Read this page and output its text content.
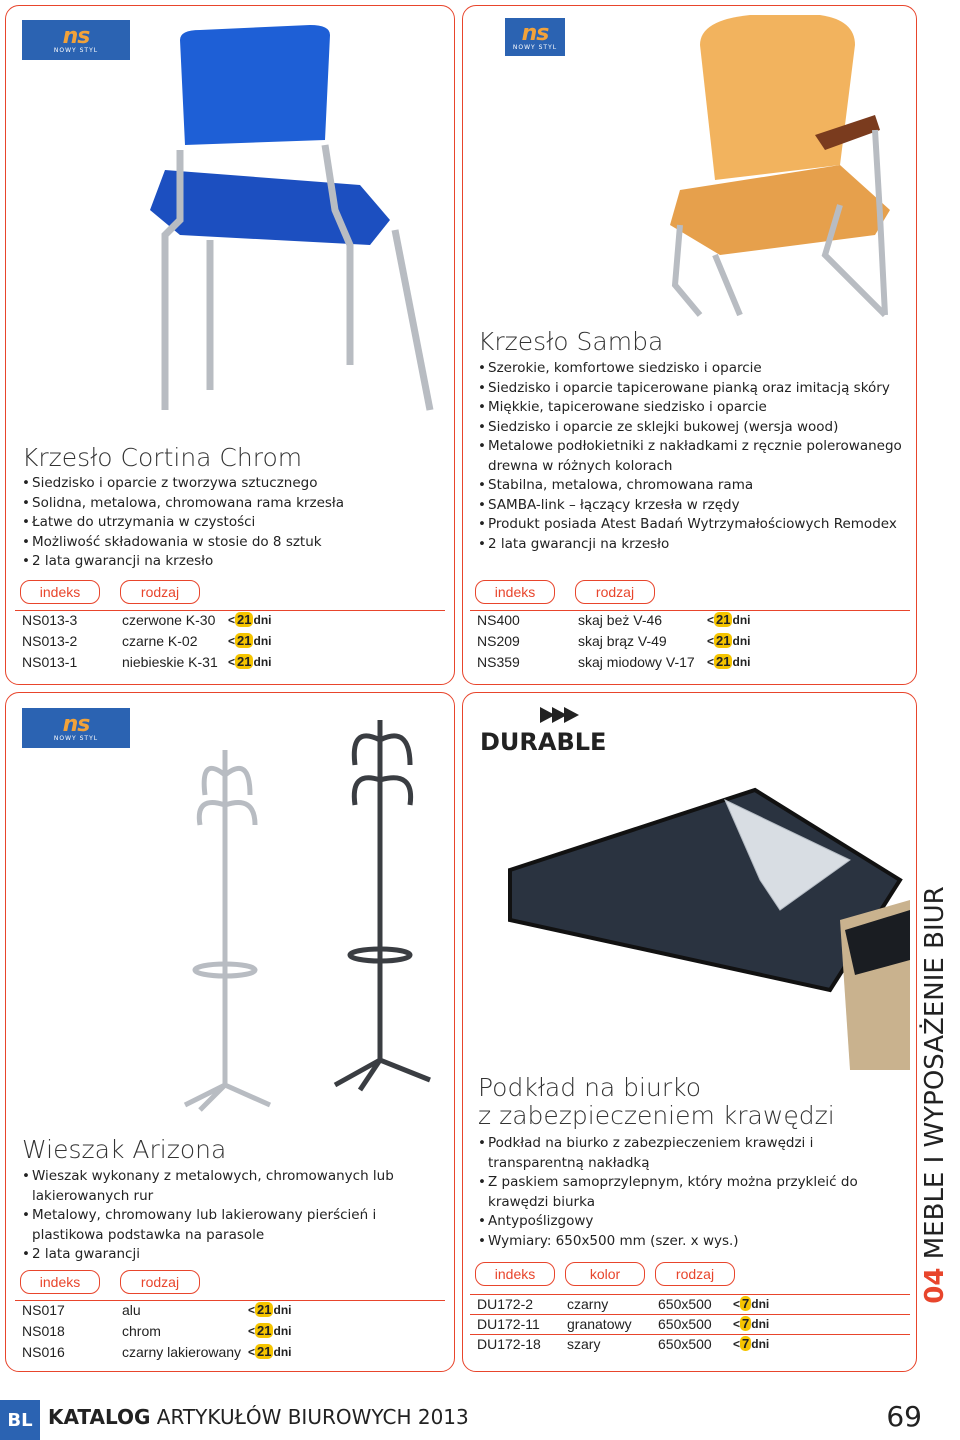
ns
NOWY STYL
Krzesło Cortina Chrom
• Siedzisko i oparcie z tworzywa sztucznego
• Solidna, metalowa, chromowana rama krzesła
• Łatwe do utrzymania w czystości
• Możliwość składowania w stosie do 8 sztuk
• 2 lata gwarancji na krzesło
indeks	rodzaj
NS013-3	czerwone K-30 < 21 dni
NS013-2	czarne K-02	< 21 dni
NS013-1	niebieskie K-31 < 21 dni
ns
NOWY STYL
Krzesło Samba
• Szerokie, komfortowe siedzisko i oparcie
• Siedzisko i oparcie tapicerowane pianką oraz imitacją skóry
• Miękkie, tapicerowane siedzisko i oparcie
• Siedzisko i oparcie ze sklejki bukowej (wersja wood)
• Metalowe podłokietniki z nakładkami z ręcznie polerowanego drewna w różnych kolorach
• Stabilna, metalowa, chromowana rama
• SAMBA-link – łączący krzesła w rzędy
• Produkt posiada Atest Badań Wytrzymałościowych Remodex
• 2 lata gwarancji na krzesło
indeks	rodzaj
NS400	skaj beż V-46	< 21 dni
NS209	skaj brąz V-49	< 21 dni
NS359	skaj miodowy V-17 < 21 dni
ns
NOWY STYL
Wieszak Arizona
• Wieszak wykonany z metalowych, chromowanych lub lakierowanych rur
• Metalowy, chromowany lub lakierowany pierścień i plastikowa podstawka na parasole
• 2 lata gwarancji
indeks	rodzaj
NS017	alu	< 21 dni
NS018	chrom	< 21 dni
NS016	czarny lakierowany < 21 dni
DURABLE
Podkład na biurko
z zabezpieczeniem krawędzi
• Podkład na biurko z zabezpieczeniem krawędzi i transparentną nakładką
• Z paskiem samoprzylepnym, który można przykleić do krawędzi biurka
• Antypoślizgowy
• Wymiary: 650x500 mm (szer. x wys.)
indeks	kolor	rodzaj
DU172-2 czarny	650x500 < 7 dni
DU172-11 granatowy 650x500 < 7 dni
DU172-18 szary	650x500 < 7 dni
04 MEBLE I WYPOSAŻENIE BIUR
BL KATALOG ARTYKUŁÓW BIUROWYCH 2013	69
